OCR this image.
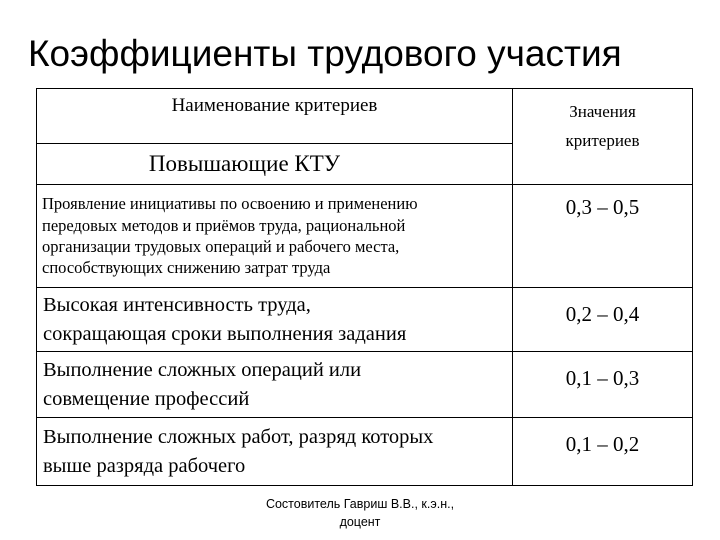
Коэффициенты трудового участия
Наименование критериев	Значения
критериев

Повышающие КТУ	

Проявление инициативы по освоению и применению
передовых методов и приёмов труда, рациональной
организации трудовых операций и рабочего места,
способствующих снижению затрат труда	0,3 – 0,5

Высокая интенсивность труда,
сокращающая сроки выполнения задания	0,2 – 0,4

Выполнение сложных операций или
совмещение профессий	0,1 – 0,3

Выполнение сложных работ, разряд которых
выше разряда рабочего	0,1 – 0,2
Состовитель Гавриш В.В., к.э.н.,
доцент
